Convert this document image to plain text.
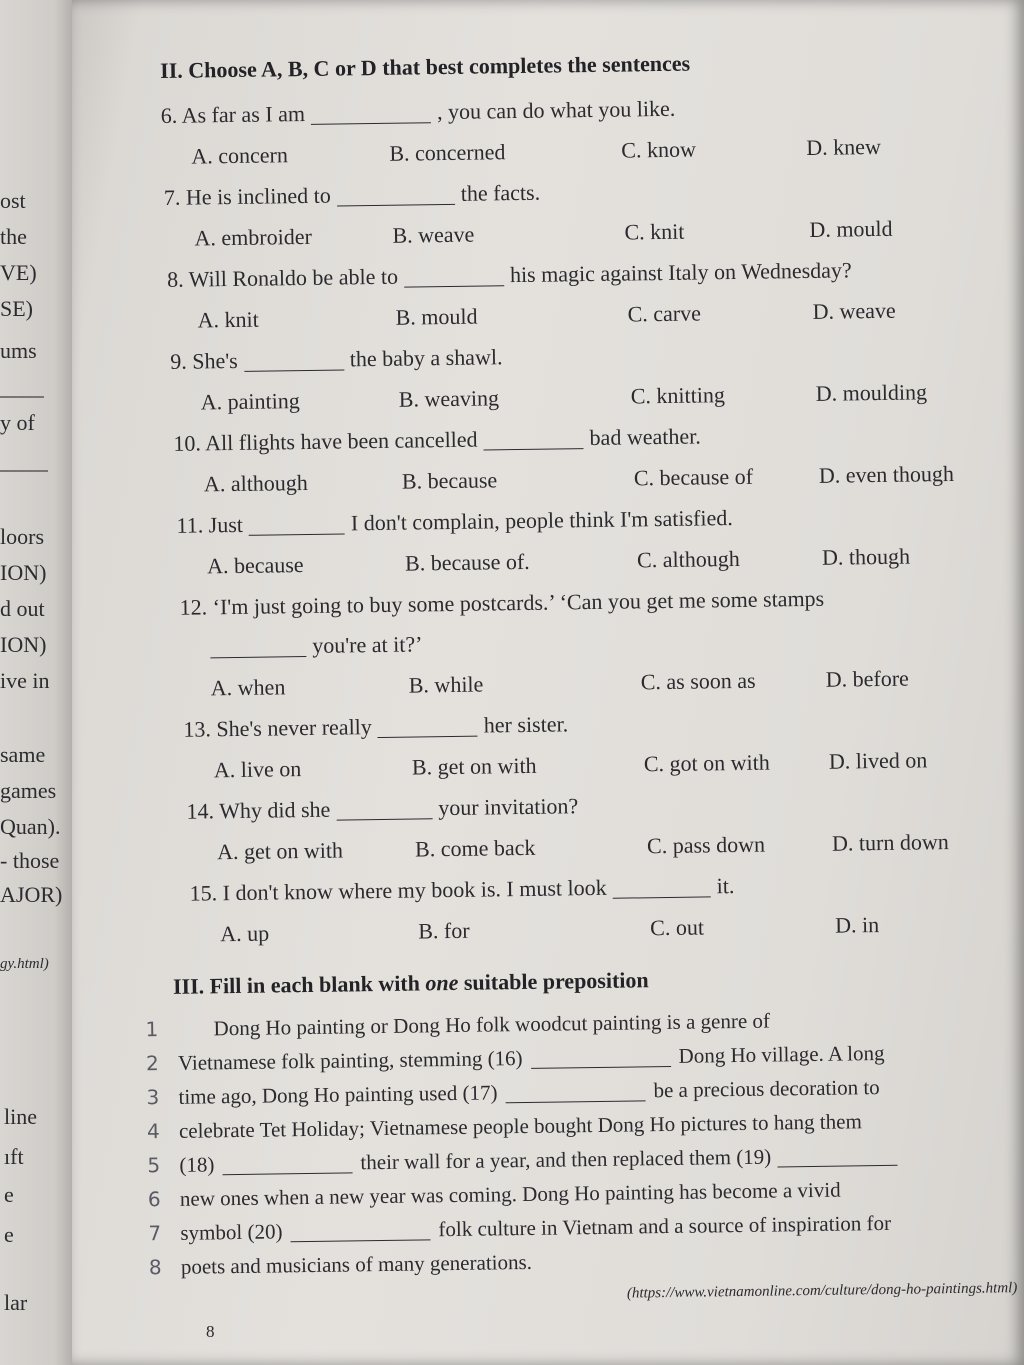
ost
the
VE)
SE)
ums
y of
loors
ION)
d out
ION)
ive in
same
games
Quan).
- those
AJOR)
gy.html)
line
ıft
e
e
lar
II. Choose A, B, C or D that best completes the sentences
6. As far as I am	, you can do what you like.
A. concern	B. concerned	C. know	D. knew
7. He is inclined to	the facts.
A. embroider	B. weave	C. knit	D. mould
8. Will Ronaldo be able to	his magic against Italy on Wednesday?
A. knit	B. mould	C. carve	D. weave
9. She's	the baby a shawl.
A. painting	B. weaving	C. knitting	D. moulding
10. All flights have been cancelled	bad weather.
A. although	B. because	C. because of	D. even though
11. Just	I don't complain, people think I'm satisfied.
A. because	B. because of.	C. although	D. though
12. ‘I'm just going to buy some postcards.’ ‘Can you get me some stamps
you're at it?’
A. when	B. while	C. as soon as	D. before
13. She's never really	her sister.
A. live on	B. get on with	C. got on with	D. lived on
14. Why did she	your invitation?
A. get on with	B. come back	C. pass down	D. turn down
15. I don't know where my book is. I must look	it.
A. up	B. for	C. out	D. in
III. Fill in each blank with one suitable preposition
1	Dong Ho painting or Dong Ho folk woodcut painting is a genre of
2 Vietnamese folk painting, stemming (16)	Dong Ho village. A long
3 time ago, Dong Ho painting used (17)	be a precious decoration to
4 celebrate Tet Holiday; Vietnamese people bought Dong Ho pictures to hang them
5 (18)	their wall for a year, and then replaced them (19)
6 new ones when a new year was coming. Dong Ho painting has become a vivid
7 symbol (20)	folk culture in Vietnam and a source of inspiration for
8 poets and musicians of many generations.
(https://www.vietnamonline.com/culture/dong-ho-paintings.html)
8
